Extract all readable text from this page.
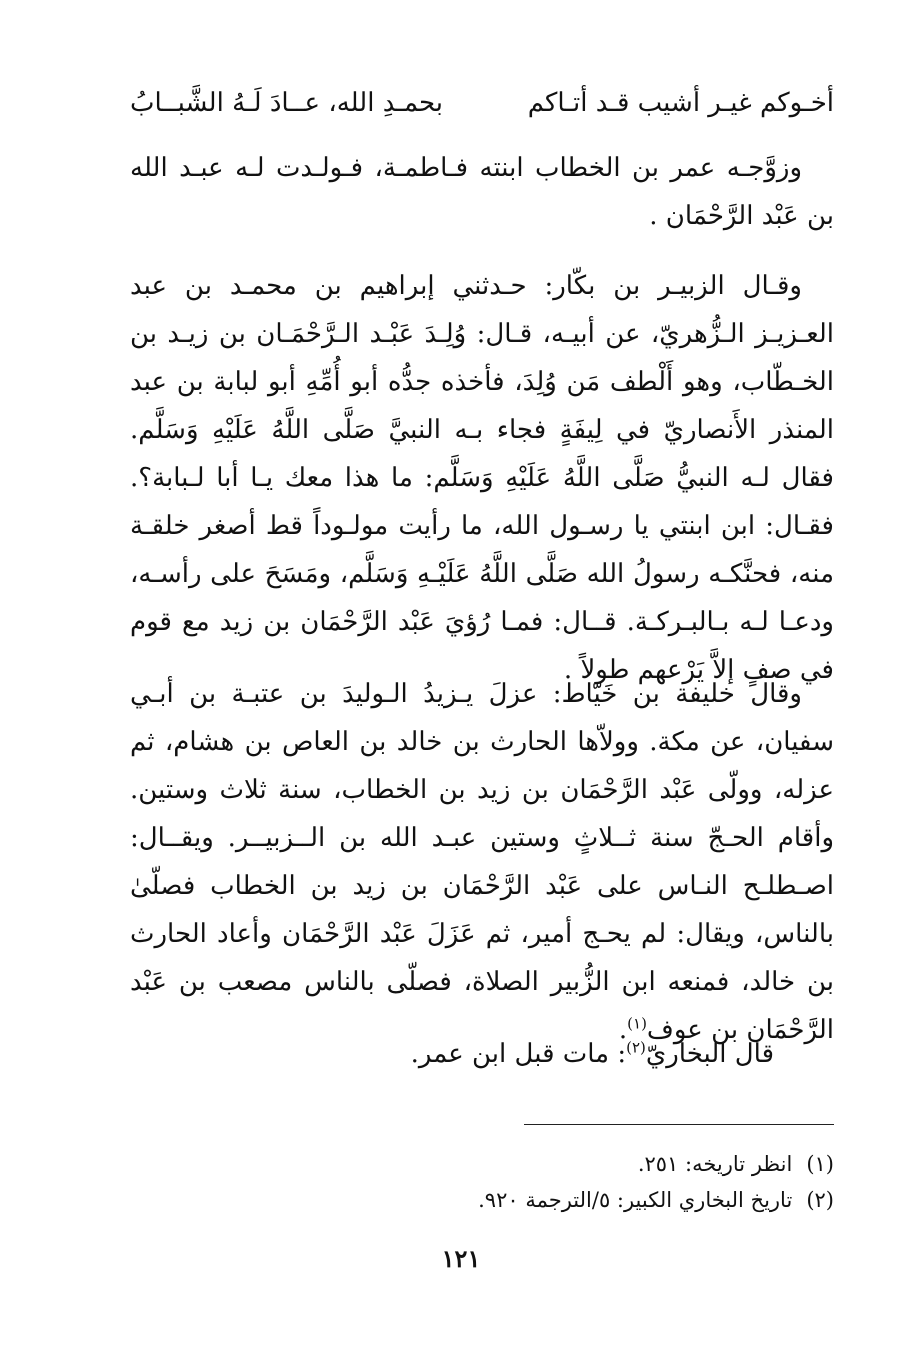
أخـوكم غيـر أشيب قـد أتـاكم
بحمـدِ الله، عــادَ لَـهُ الشَّبــابُ
وزوَّجـه عمر بن الخطاب ابنته فـاطمـة، فـولـدت لـه عبـد الله بن عَبْد الرَّحْمَان .
وقـال الزبيـر بن بكّار: حـدثني إبراهيم بن محمـد بن عبد العـزيـز الـزُّهريّ، عن أبيـه، قـال: وُلِـدَ عَبْـد الـرَّحْمَـان بن زيـد بن الخـطّاب، وهو أَلْطف مَن وُلِدَ، فأخذه جدُّه أبو أُمِّهِ أبو لبابة بن عبد المنذر الأَنصاريّ في لِيفَةٍ فجاء بـه النبيَّ صَلَّى اللَّهُ عَلَيْهِ وَسَلَّم. فقال لـه النبيُّ صَلَّى اللَّهُ عَلَيْهِ وَسَلَّم: ما هذا معك يـا أبا لـبابة؟. فقـال: ابن ابنتي يا رسـول الله، ما رأيت مولـوداً قط أصغر خلقـة منه، فحنَّكـه رسولُ الله صَلَّى اللَّهُ عَلَيْـهِ وَسَلَّم، ومَسَحَ على رأسـه، ودعـا لـه بـالبـركـة. قــال: فمـا رُؤيَ عَبْد الرَّحْمَان بن زيد مع قوم في صفٍ إلاَّ يَرْعهم طولاً .
وقال خليفة بن خَيّاط: عزلَ يـزيدُ الـوليدَ بن عتبـة بن أبـي سفيان، عن مكة. وولاّها الحارث بن خالد بن العاص بن هشام، ثم عزله، وولّى عَبْد الرَّحْمَان بن زيد بن الخطاب، سنة ثلاث وستين. وأقام الحـجّ سنة ثــلاثٍ وستين عبـد الله بن الــزبيــر. ويقــال: اصـطلـح النـاس على عَبْد الرَّحْمَان بن زيد بن الخطاب فصلّىٰ بالناس، ويقال: لم يحـج أمير، ثم عَزَلَ عَبْد الرَّحْمَان وأعاد الحارث بن خالد، فمنعه ابن الزُّبير الصلاة، فصلّى بالناس مصعب بن عَبْد الرَّحْمَان بن عوف$^{(١)}$.
قال البخاريّ$^{(٢)}$: مات قبل ابن عمر.
(١)انظر تاريخه: ٢٥١.
(٢)تاريخ البخاري الكبير: ٥/الترجمة ٩٢٠.
١٢١
